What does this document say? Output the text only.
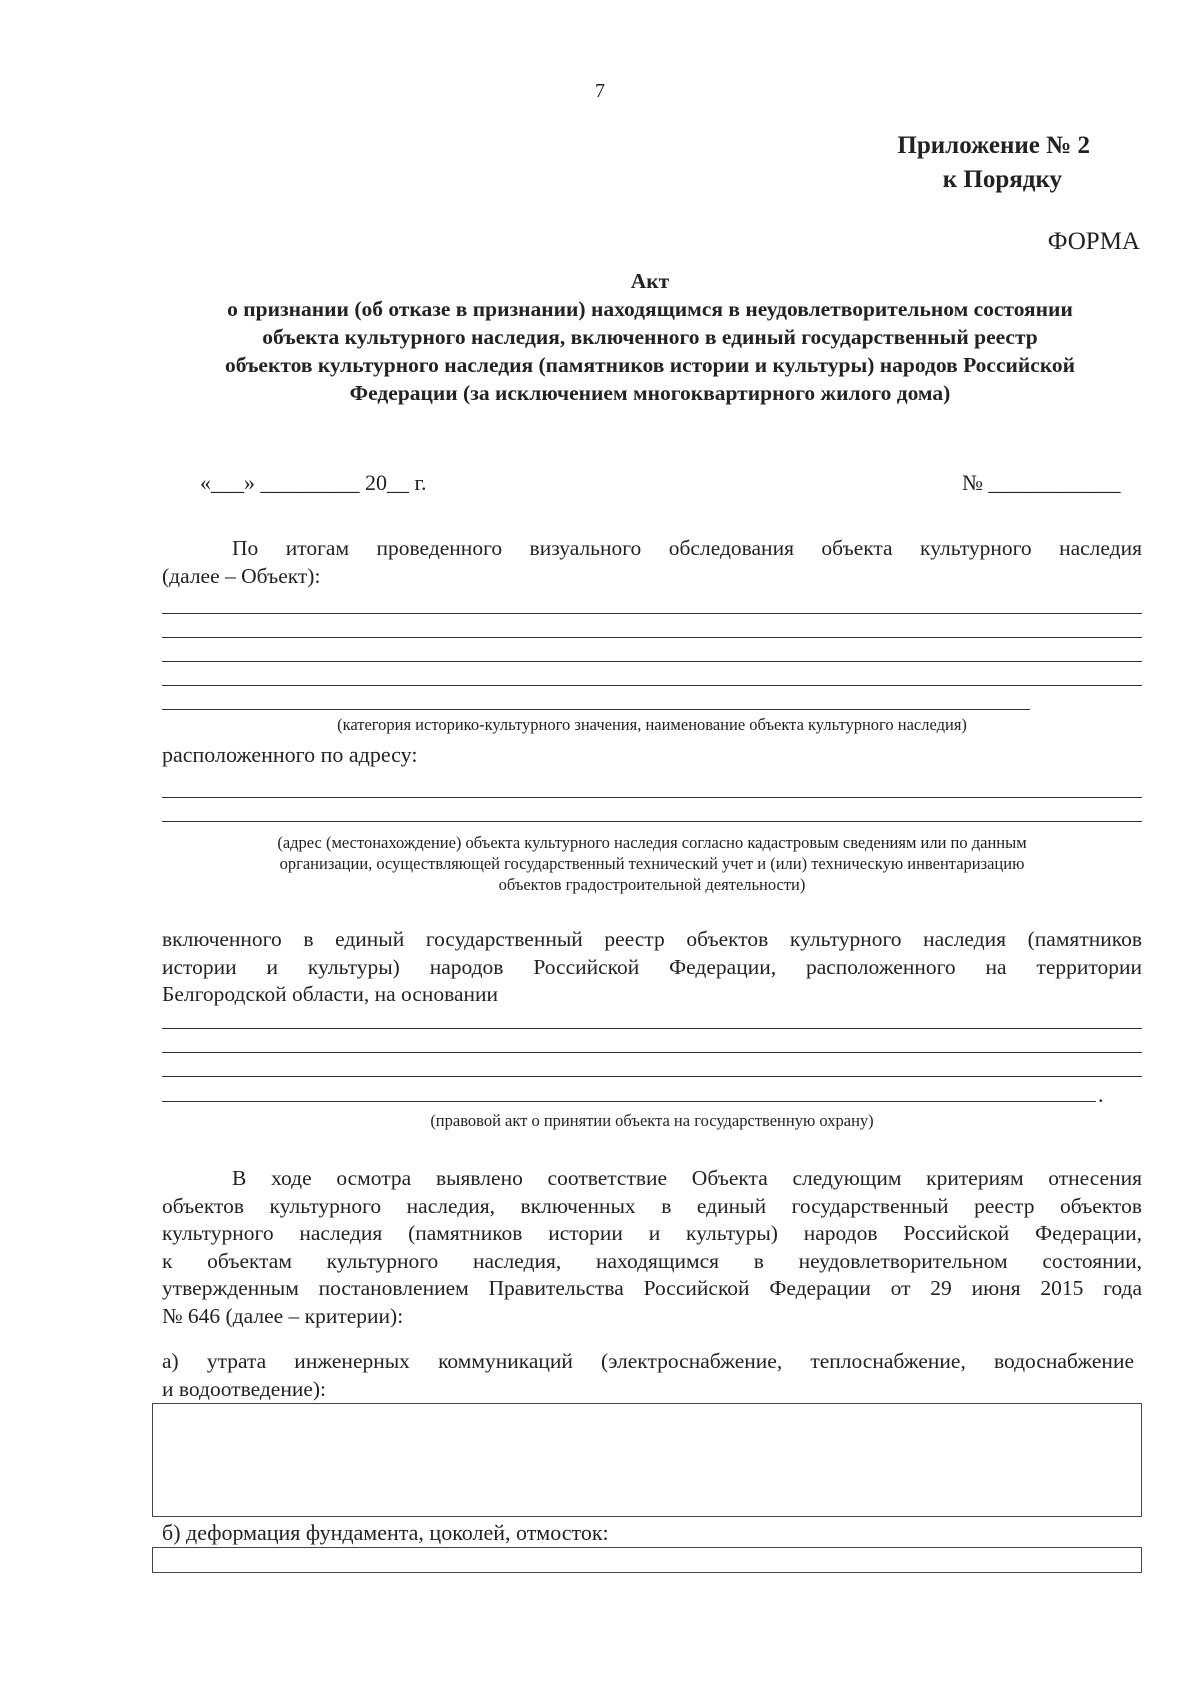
7
Приложение № 2
к Порядку
ФОРМА
Акт
о признании (об отказе в признании) находящимся в неудовлетворительном состоянии
объекта культурного наследия, включенного в единый государственный реестр
объектов культурного наследия (памятников истории и культуры) народов Российской
Федерации (за исключением многоквартирного жилого дома)
«___» _________ 20__ г.	№ ____________
По итогам проведенного визуального обследования объекта культурного наследия
(далее – Объект):
(категория историко-культурного значения, наименование объекта культурного наследия)
расположенного по адресу:
(адрес (местонахождение) объекта культурного наследия согласно кадастровым сведениям или по данным
организации, осуществляющей государственный технический учет и (или) техническую инвентаризацию
объектов градостроительной деятельности)
включенного в единый государственный реестр объектов культурного наследия (памятников
истории и культуры) народов Российской Федерации, расположенного на территории
Белгородской области, на основании
.
(правовой акт о принятии объекта на государственную охрану)
В ходе осмотра выявлено соответствие Объекта следующим критериям отнесения
объектов культурного наследия, включенных в единый государственный реестр объектов
культурного наследия (памятников истории и культуры) народов Российской Федерации,
к объектам культурного наследия, находящимся в неудовлетворительном состоянии,
утвержденным постановлением Правительства Российской Федерации от 29 июня 2015 года
№ 646 (далее – критерии):
а) утрата инженерных коммуникаций (электроснабжение, теплоснабжение, водоснабжение
и водоотведение):
б) деформация фундамента, цоколей, отмосток:
